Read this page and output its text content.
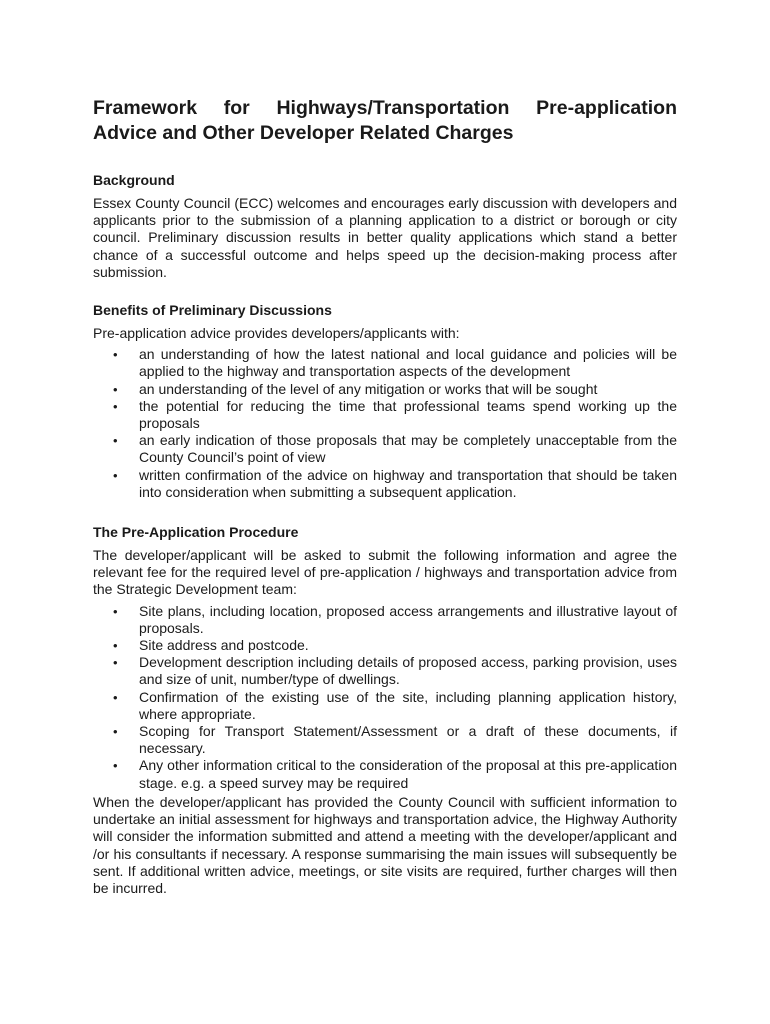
Framework for Highways/Transportation Pre-application Advice and Other Developer Related Charges
Background

Essex County Council (ECC) welcomes and encourages early discussion with developers and applicants prior to the submission of a planning application to a district or borough or city council. Preliminary discussion results in better quality applications which stand a better chance of a successful outcome and helps speed up the decision-making process after submission.

Benefits of Preliminary Discussions

Pre-application advice provides developers/applicants with:

• an understanding of how the latest national and local guidance and policies will be applied to the highway and transportation aspects of the development
• an understanding of the level of any mitigation or works that will be sought
• the potential for reducing the time that professional teams spend working up the proposals
• an early indication of those proposals that may be completely unacceptable from the County Council’s point of view
• written confirmation of the advice on highway and transportation that should be taken into consideration when submitting a subsequent application.
The Pre-Application Procedure

The developer/applicant will be asked to submit the following information and agree the relevant fee for the required level of pre-application / highways and transportation advice from the Strategic Development team:

• Site plans, including location, proposed access arrangements and illustrative layout of proposals.
• Site address and postcode.
• Development description including details of proposed access, parking provision, uses and size of unit, number/type of dwellings.
• Confirmation of the existing use of the site, including planning application history, where appropriate.
• Scoping for Transport Statement/Assessment or a draft of these documents, if necessary.
• Any other information critical to the consideration of the proposal at this pre-application stage. e.g. a speed survey may be required

When the developer/applicant has provided the County Council with sufficient information to undertake an initial assessment for highways and transportation advice, the Highway Authority will consider the information submitted and attend a meeting with the developer/applicant and /or his consultants if necessary. A response summarising the main issues will subsequently be sent. If additional written advice, meetings, or site visits are required, further charges will then be incurred.
